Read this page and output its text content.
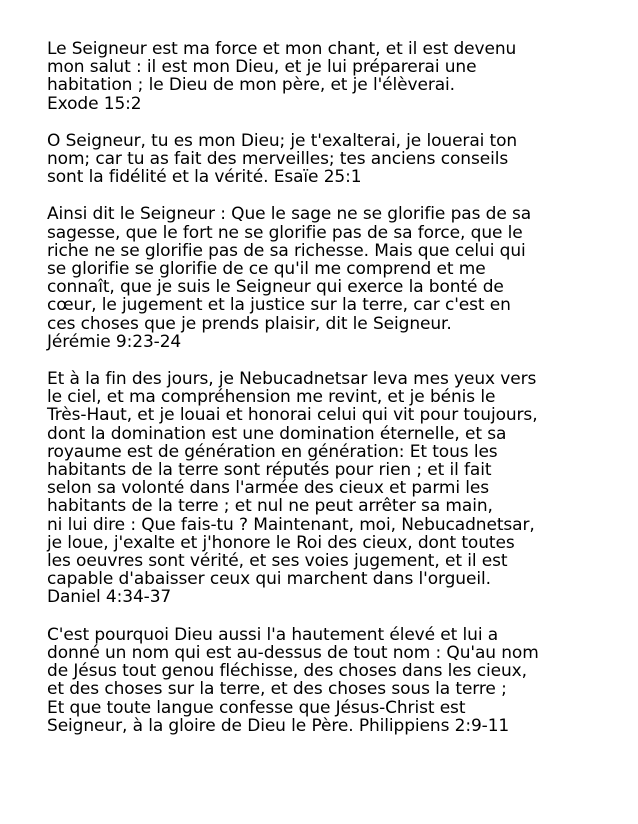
Le Seigneur est ma force et mon chant, et il est devenu
mon salut : il est mon Dieu, et je lui préparerai une
habitation ; le Dieu de mon père, et je l'élèverai.
Exode 15:2

O Seigneur, tu es mon Dieu; je t'exalterai, je louerai ton
nom; car tu as fait des merveilles; tes anciens conseils
sont la fidélité et la vérité. Esaïe 25:1

Ainsi dit le Seigneur : Que le sage ne se glorifie pas de sa
sagesse, que le fort ne se glorifie pas de sa force, que le
riche ne se glorifie pas de sa richesse. Mais que celui qui
se glorifie se glorifie de ce qu'il me comprend et me
connaît, que je suis le Seigneur qui exerce la bonté de
cœur, le jugement et la justice sur la terre, car c'est en
ces choses que je prends plaisir, dit le Seigneur.
Jérémie 9:23-24

Et à la fin des jours, je Nebucadnetsar leva mes yeux vers
le ciel, et ma compréhension me revint, et je bénis le
Très-Haut, et je louai et honorai celui qui vit pour toujours,
dont la domination est une domination éternelle, et sa
royaume est de génération en génération: Et tous les
habitants de la terre sont réputés pour rien ; et il fait
selon sa volonté dans l'armée des cieux et parmi les
habitants de la terre ; et nul ne peut arrêter sa main,
ni lui dire : Que fais-tu ? Maintenant, moi, Nebucadnetsar,
je loue, j'exalte et j'honore le Roi des cieux, dont toutes
les oeuvres sont vérité, et ses voies jugement, et il est
capable d'abaisser ceux qui marchent dans l'orgueil.
Daniel 4:34-37

C'est pourquoi Dieu aussi l'a hautement élevé et lui a
donné un nom qui est au-dessus de tout nom : Qu'au nom
de Jésus tout genou fléchisse, des choses dans les cieux,
et des choses sur la terre, et des choses sous la terre ;
Et que toute langue confesse que Jésus-Christ est
Seigneur, à la gloire de Dieu le Père. Philippiens 2:9-11
